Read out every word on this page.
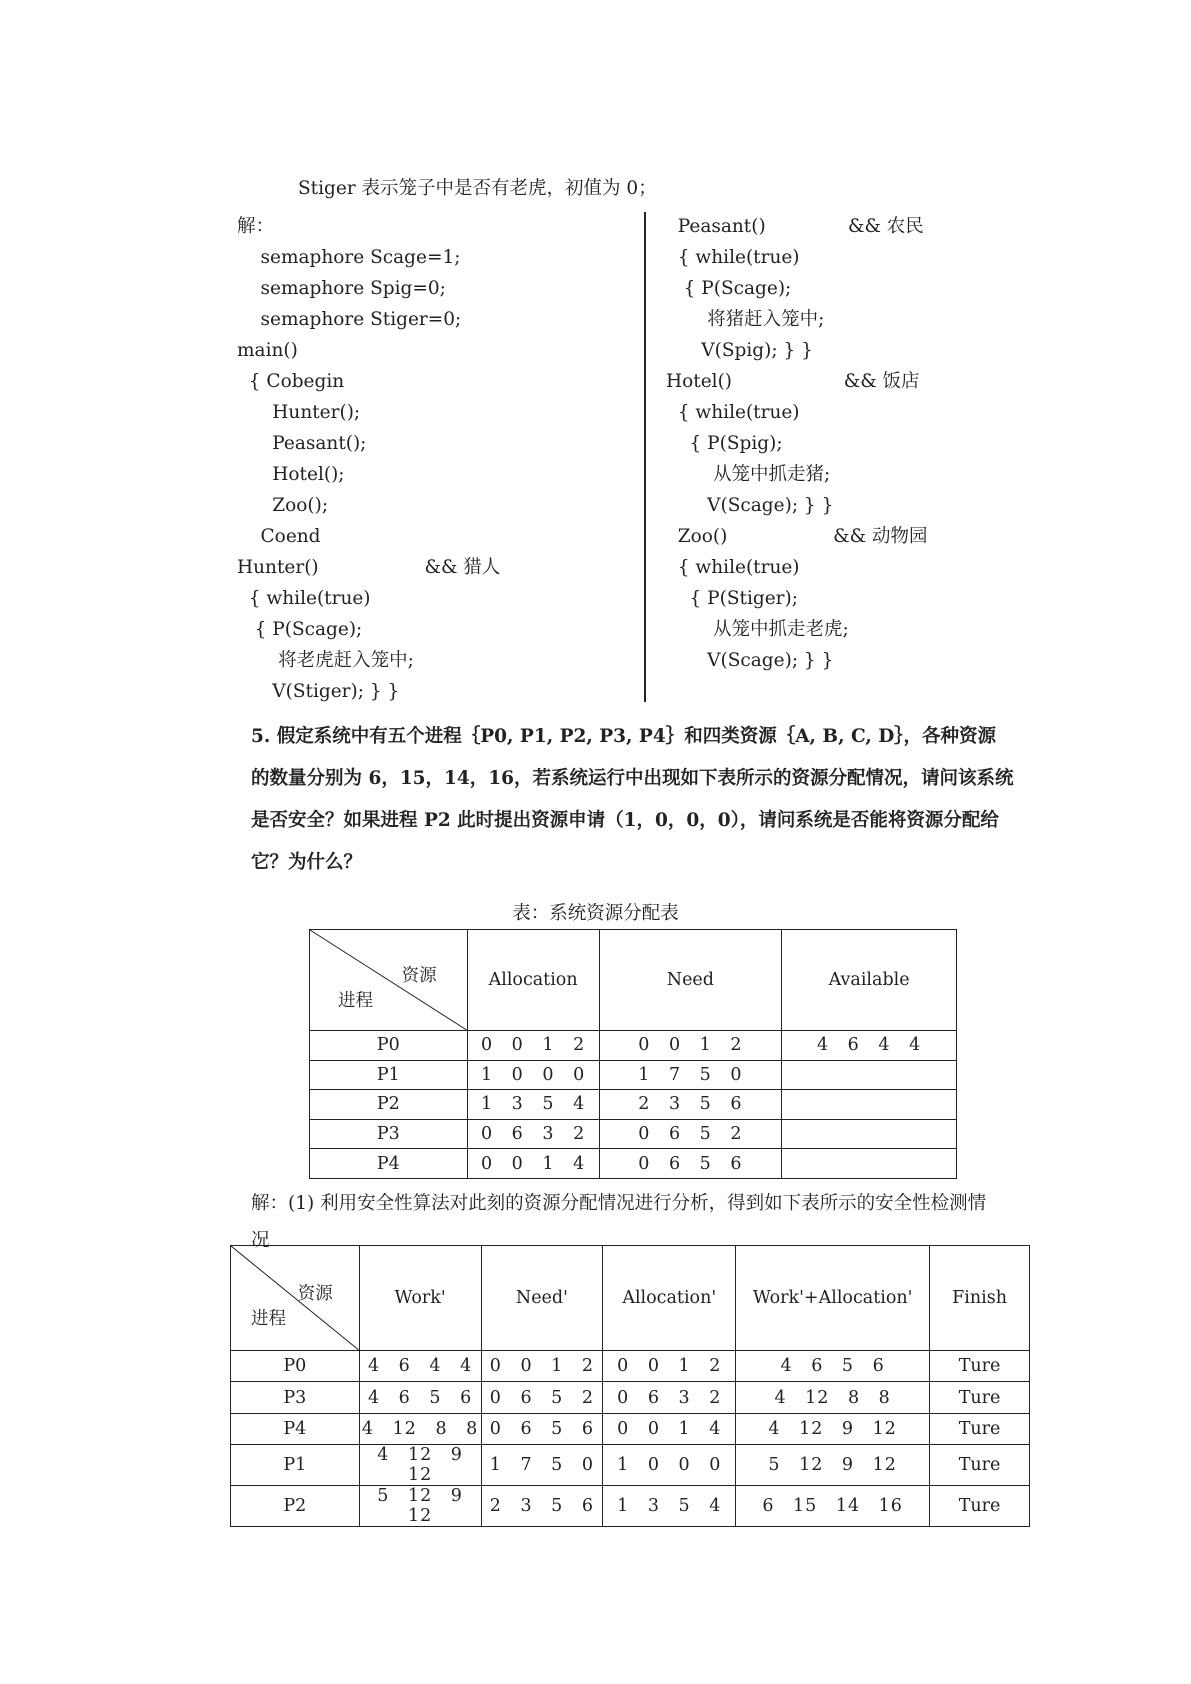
Stiger 表示笼子中是否有老虎，初值为 0；
解：
semaphore Scage=1;
semaphore Spig=0;
semaphore Stiger=0;
main()
{ Cobegin
Hunter();
Peasant();
Hotel();
Zoo();
Coend
Hunter()                  && 猎人
{ while(true)
{ P(Scage);
将老虎赶入笼中;
V(Stiger); } }
Peasant()              && 农民
{ while(true)
{ P(Scage);
将猪赶入笼中;
V(Spig); } }
Hotel()                   && 饭店
{ while(true)
{ P(Spig);
从笼中抓走猪;
V(Scage); } }
Zoo()                  && 动物园
{ while(true)
{ P(Stiger);
从笼中抓走老虎;
V(Scage); } }
5. 假定系统中有五个进程｛P0, P1, P2, P3, P4｝和四类资源｛A, B, C, D｝，各种资源
的数量分别为 6，15，14，16，若系统运行中出现如下表所示的资源分配情况，请问该系统
是否安全？如果进程 P2 此时提出资源申请（1，0，0，0），请问系统是否能将资源分配给
它？为什么？
表：系统资源分配表
资源
进程	Allocation	Need	Available
P0	0 0 1 2	0 0 1 2	4 6 4 4
P1	1 0 0 0	1 7 5 0	
P2	1 3 5 4	2 3 5 6	
P3	0 6 3 2	0 6 5 2	
P4	0 0 1 4	0 6 5 6	
解：(1) 利用安全性算法对此刻的资源分配情况进行分析，得到如下表所示的安全性检测情
况
资源
进程	Work'	Need'	Allocation'	Work'+Allocation'	Finish
P0	4 6 4 4	0 0 1 2	0 0 1 2	4 6 5 6	Ture
P3	4 6 5 6	0 6 5 2	0 6 3 2	4 12 8 8	Ture
P4	4 12 8 8	0 6 5 6	0 0 1 4	4 12 9 12	Ture
P1	4 12 9 12	1 7 5 0	1 0 0 0	5 12 9 12	Ture
P2	5 12 9 12	2 3 5 6	1 3 5 4	6 15 14 16	Ture
